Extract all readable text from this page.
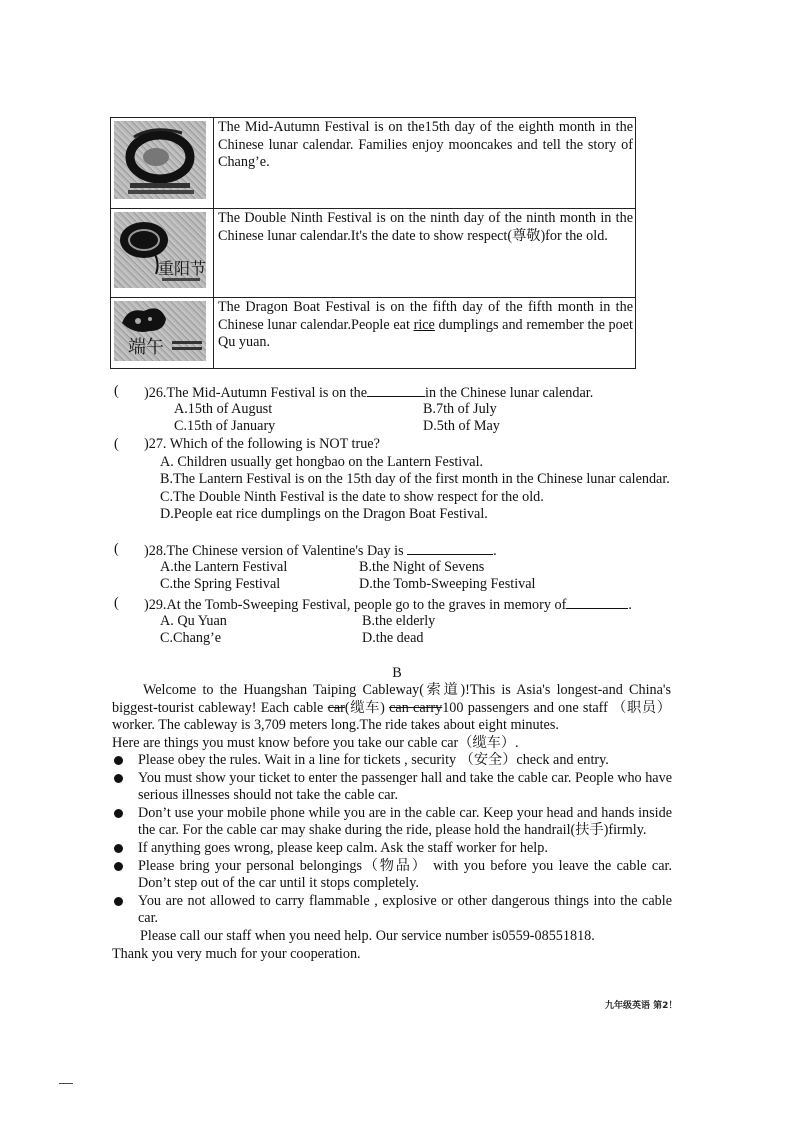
	The Mid-Autumn Festival is on the15th day of the eighth month in the Chinese lunar calendar. Families enjoy mooncakes and tell the story of Chang’e.

重阳节	The Double Ninth Festival is on the ninth day of the ninth month in the Chinese lunar calendar.It's the date to show respect(尊敬)for the old.

端午	The Dragon Boat Festival is on the fifth day of the fifth month in the Chinese lunar calendar.People eat rice dumplings and remember the poet Qu yuan.
( )26.The Mid-Autumn Festival is on the	in the Chinese lunar calendar.
A.15th of August	B.7th of July
C.15th of January	D.5th of May
( )27. Which of the following is NOT true?
A. Children usually get hongbao on the Lantern Festival.
B.The Lantern Festival is on the 15th day of the first month in the Chinese lunar calendar.
C.The Double Ninth Festival is the date to show respect for the old.
D.People eat rice dumplings on the Dragon Boat Festival.
( )28.The Chinese version of Valentine's Day is	.
A.the Lantern Festival	B.the Night of Sevens
C.the Spring Festival	D.the Tomb-Sweeping Festival
( )29.At the Tomb-Sweeping Festival, people go to the graves in memory of	.
A. Qu Yuan	B.the elderly
C.Chang’e	D.the dead
B

Welcome to the Huangshan Taiping Cableway(索道)!This is Asia's longest-and China's biggest-tourist cableway! Each cable car(缆车) can carry100 passengers and one staff （职员） worker. The cableway is 3,709 meters long.The ride takes about eight minutes.

Here are things you must know before you take our cable car（缆车）.

Please obey the rules. Wait in a line for tickets , security （安全）check and entry.
You must show your ticket to enter the passenger hall and take the cable car. People who have serious illnesses should not take the cable car.
Don’t use your mobile phone while you are in the cable car. Keep your head and hands inside the car. For the cable car may shake during the ride, please hold the handrail(扶手)firmly.
If anything goes wrong, please keep calm. Ask the staff worker for help.
Please bring your personal belongings（物品） with you before you leave the cable car. Don’t step out of the car until it stops completely.
You are not allowed to carry flammable , explosive or other dangerous things into the cable car.
Please call our staff when you need help. Our service number is0559-08551818.
Thank you very much for your cooperation.
九年级英语 第2！
